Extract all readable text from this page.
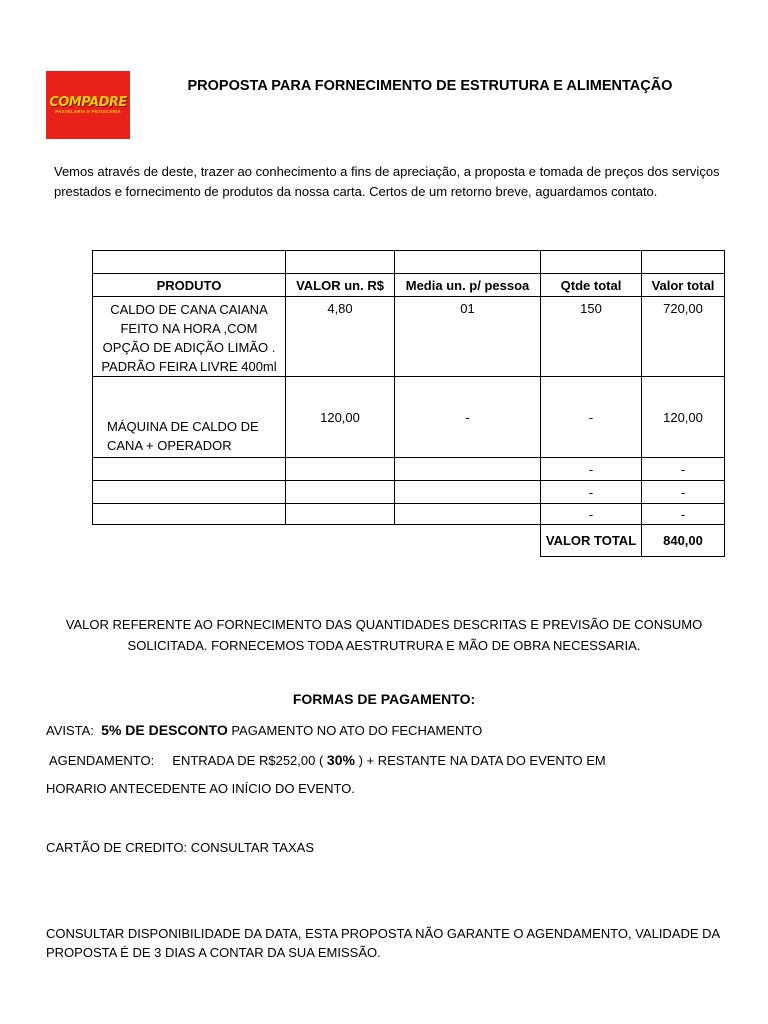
COMPADRE
PASTELARIA E PETISCARIA
PROPOSTA PARA FORNECIMENTO DE ESTRUTURA E ALIMENTAÇÃO
Vemos através de deste, trazer ao conhecimento a fins de apreciação, a proposta e tomada de preços dos serviços prestados e fornecimento de produtos da nossa carta. Certos de um retorno breve, aguardamos contato.

PRODUTO	VALOR un. R$	Media un. p/ pessoa	Qtde total	Valor total
CALDO DE CANA CAIANA FEITO NA HORA ,COM OPÇÃO DE ADIÇÃO LIMÃO . PADRÃO FEIRA LIVRE 400ml	4,80	01	150	720,00
MÁQUINA DE CALDO DE CANA + OPERADOR	120,00	-	-	120,00
			-	-
			-	-
			-	-
			VALOR TOTAL	840,00
VALOR REFERENTE AO FORNECIMENTO DAS QUANTIDADES DESCRITAS E PREVISÃO DE CONSUMO SOLICITADA. FORNECEMOS TODA AESTRUTRURA E MÃO DE OBRA NECESSARIA.
FORMAS DE PAGAMENTO:
AVISTA: 5% DE DESCONTO PAGAMENTO NO ATO DO FECHAMENTO
AGENDAMENTO: ENTRADA DE R$252,00 ( 30% ) + RESTANTE NA DATA DO EVENTO EM
HORARIO ANTECEDENTE AO INÍCIO DO EVENTO.
CARTÃO DE CREDITO: CONSULTAR TAXAS
CONSULTAR DISPONIBILIDADE DA DATA, ESTA PROPOSTA NÃO GARANTE O AGENDAMENTO, VALIDADE DA
PROPOSTA É DE 3 DIAS A CONTAR DA SUA EMISSÃO.
